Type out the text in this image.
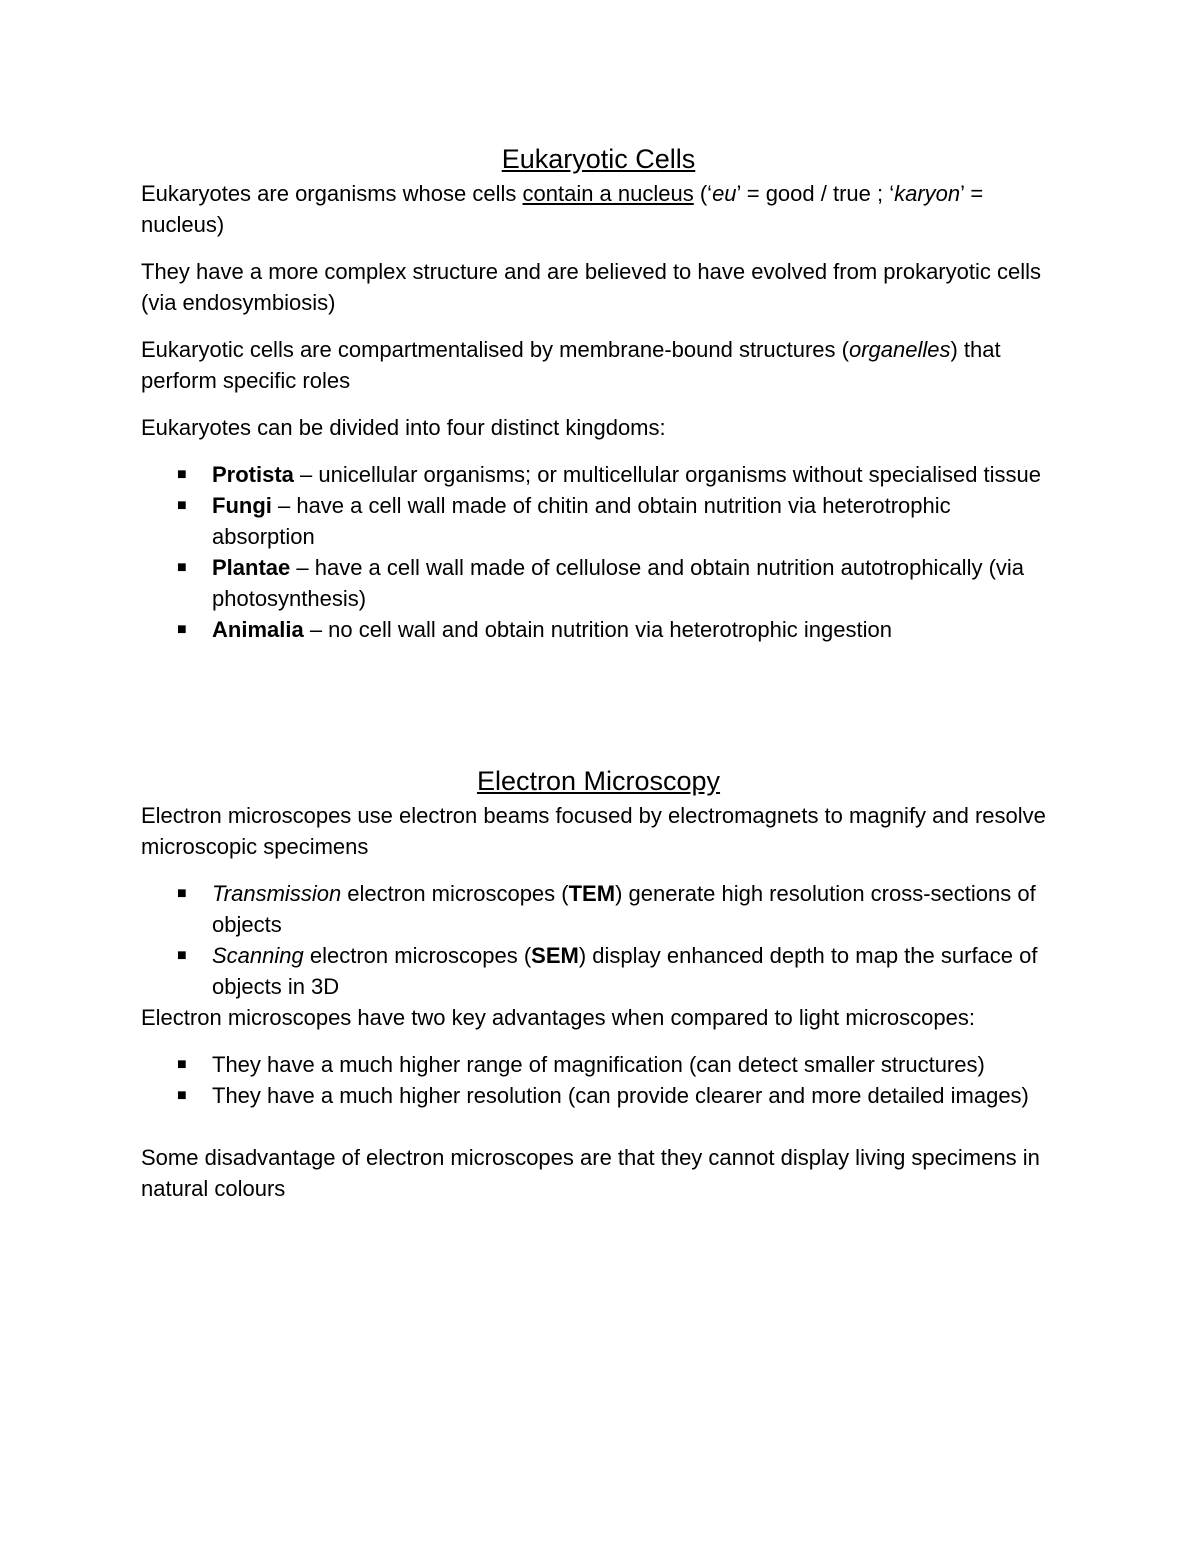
Eukaryotic Cells

Eukaryotes are organisms whose cells contain a nucleus (‘eu’ = good / true ; ‘karyon’ = nucleus)

They have a more complex structure and are believed to have evolved from prokaryotic cells (via endosymbiosis)

Eukaryotic cells are compartmentalised by membrane-bound structures (organelles) that perform specific roles

Eukaryotes can be divided into four distinct kingdoms:

■ Protista – unicellular organisms; or multicellular organisms without specialised tissue
■ Fungi – have a cell wall made of chitin and obtain nutrition via heterotrophic absorption
■ Plantae – have a cell wall made of cellulose and obtain nutrition autotrophically (via photosynthesis)
■ Animalia – no cell wall and obtain nutrition via heterotrophic ingestion
Electron Microscopy

Electron microscopes use electron beams focused by electromagnets to magnify and resolve microscopic specimens

■ Transmission electron microscopes (TEM) generate high resolution cross-sections of objects
■ Scanning electron microscopes (SEM) display enhanced depth to map the surface of objects in 3D

Electron microscopes have two key advantages when compared to light microscopes:

■ They have a much higher range of magnification (can detect smaller structures)
■ They have a much higher resolution (can provide clearer and more detailed images)

Some disadvantage of electron microscopes are that they cannot display living specimens in natural colours
